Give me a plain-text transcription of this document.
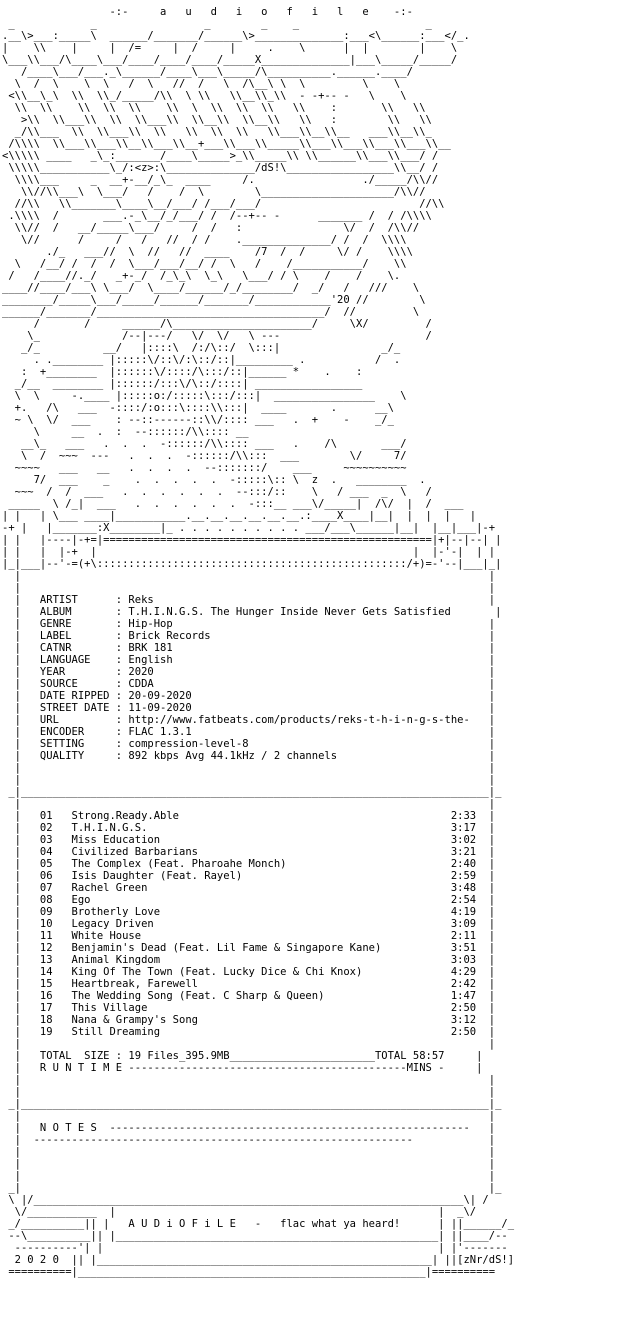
-:-     a   u   d   i   o   f   i   l   e    -:-
_            _                 _        _    _                    _
.__\>___:_____\  ______/_______/______\>______________:___<\______:___</_.
|    \\    |     |  /=     |  /     |     .    \      |  |        |    \
\___\\___/\____\___/____/____/____/_____X______________|___\_____/_____/
/____\___/___._\______/____\___\_____/\__________.______.____/
\  /  \    \  \   /  \   //  /   \  /\__\ \  \         \    \
<\\__\_\  \\  \\_/_____/\\  \ \\   \\__\\_\\  - -+-- -   \    \
\\  \\    \\  \\  \\    \\  \  \\  \\  \\   \\    :       \\   \\
>\\  \\___\\  \\  \\___\\  \\__\\  \\__\\   \\   :        \\   \\
_/\\___  \\  \\___\\  \\   \\  \\  \\   \\___\\__\\__   ___\\__\\_
/\\\\  \\___\\___\\__\\___\\__+___\\___\\_____\\___\\___\\___\\___\\__
<\\\\\ ____   _\_:_______/____\_____>_\\_____\\ \\______\\___\\___/ /
\\\\\___________\_/:<z>:\______________/dS!\_________________\\__/ /
\\\\___     _  __+-__/_\_  ____     /.                 ./_____/\\//
\\//\\___\  \___/   /    /  \        \_____________________/\\//
//\\   \\_______\____\__/___/ /___/___/                         //\\
.\\\\  /       ___.-_\__/_/___/ /  /--+-- -      _______ /  / /\\\\
\\//  /   __/_____\___/     /  /   :                \/  /  /\\//
\//      /     /   /   //  / /    .______________/ /  /  \\\\
./_   ___//  \  //   //  ____    /7  /  /     \/ /    \\\\
\   /__/ /  /  /  \___/___/__/ /  \   /    /___________/    \\
/   /____//._/   _+-_/  /_\_\  \_\   \___/ / \    /    /    \.
____//____/___\ \___/  \____/______/_/________/  _/   /   ///    \
________/_____\___/_____/______/_______/____________'20 //        \
______/_______/____________________________________/  //         \
/       /     ______/\______________________/     \X/         /
\_             /--|---/   \/  \/   \ ---                       /
_/_          __/   |::::\  /:/\::/  \:::|                _/_
. .________ |:::::\/::\/:\::/::|_________ .           /  .
:  +________  |::::::\/::::/\:::/::|______ *    .    :
_/__  ________ |::::::/:::\/\::/::::| _________________
\  \     -.____ |:::::o:/:::::\:::/:::|  ________________    \
+.   /\   ___  -::::/:o:::\::::\\:::|  ____       .      __\
~ \  \/  ___    : --::------::\\/:::: ___   .  +    -    _/_
\     __  .  :  --::::::/\\:::: __
__\_   ___   .  .  .  -::::::/\\:::: ___   .    /\       ___/
\  /  ~~~  ---   .  .  .  -::::::/\\:::  ___        \/     7/
~~~~   ___   __   .  .  .  .  --:::::::/    ___     ~~~~~~~~~~
7/  ___    _    .  .  .  .  .  -:::::\:: \  z  .   ________  .
~~~  /  /  ___   .  .  .  .  .  .  --:::/::    \   / ___  _  \   /
_____  \ /_|  ___   .  .  .  .  .  .  -:::__ ___\/_____|  /\/  |  /  ___
| |   | \___ ____|___________.__.__.__.__.__.__.:____X____|__|  |  |  |   |
-+ |   |_______:X________|_ . . . . . . . . . . ___/___\______|__|  |__|___|-+
| |   |----|-+=|====================================================|+|--|--| |
| |   |  |-+  |                                                  |  |-'-|  | |
|_|___|--'-=(+\:::::::::::::::::::::::::::::::::::::::::::::::::/+)=-'--|___|_|
|                                                                          |
|                                                                          |
|   ARTIST      : Reks                                                     |
|   ALBUM       : T.H.I.N.G.S. The Hunger Inside Never Gets Satisfied       |
|   GENRE       : Hip-Hop                                                  |
|   LABEL       : Brick Records                                            |
|   CATNR       : BRK 181                                                  |
|   LANGUAGE    : English                                                  |
|   YEAR        : 2020                                                     |
|   SOURCE      : CDDA                                                     |
|   DATE RIPPED : 20-09-2020                                               |
|   STREET DATE : 11-09-2020                                               |
|   URL         : http://www.fatbeats.com/products/reks-t-h-i-n-g-s-the-   |
|   ENCODER     : FLAC 1.3.1                                               |
|   SETTING     : compression-level-8                                      |
|   QUALITY     : 892 kbps Avg 44.1kHz / 2 channels                        |
|                                                                          |
|                                                                          |
_|__________________________________________________________________________|_
|                                                                          |
|   01   Strong.Ready.Able                                           2:33  |
|   02   T.H.I.N.G.S.                                                3:17  |
|   03   Miss Education                                              3:02  |
|   04   Civilized Barbarians                                        3:21  |
|   05   The Complex (Feat. Pharoahe Monch)                          2:40  |
|   06   Isis Daughter (Feat. Rayel)                                 2:59  |
|   07   Rachel Green                                                3:48  |
|   08   Ego                                                         2:54  |
|   09   Brotherly Love                                              4:19  |
|   10   Legacy Driven                                               3:09  |
|   11   White House                                                 2:11  |
|   12   Benjamin's Dead (Feat. Lil Fame & Singapore Kane)           3:51  |
|   13   Animal Kingdom                                              3:03  |
|   14   King Of The Town (Feat. Lucky Dice & Chi Knox)              4:29  |
|   15   Heartbreak, Farewell                                        2:42  |
|   16   The Wedding Song (Feat. C Sharp & Queen)                    1:47  |
|   17   This Village                                                2:50  |
|   18   Nana & Grampy's Song                                        3:12  |
|   19   Still Dreaming                                              2:50  |
|                                                                          |
|   TOTAL  SIZE : 19 Files_395.9MB_______________________TOTAL 58:57     |
|   R U N T I M E --------------------------------------------MINS -     |
|                                                                          |
|                                                                          |
_|__________________________________________________________________________|_
|                                                                          |
|   N O T E S  ---------------------------------------------------------   |
|  ------------------------------------------------------------            |
|                                                                          |
|                                                                          |
|                                                                          |
_|                                                                          |_
\ |/____________________________________________________________________\| /
\/___________  |                                                   |  _\/
_/__________|| |   A U D i O F i L E   -   flac what ya heard!      | ||______/_
--\__________|| |___________________________________________________| ||____/--
----------'| |                                                     | |'-------
2 0 2 0  || |_____________________________________________________| ||[zNr/dS!]
==========|_______________________________________________________|==========
